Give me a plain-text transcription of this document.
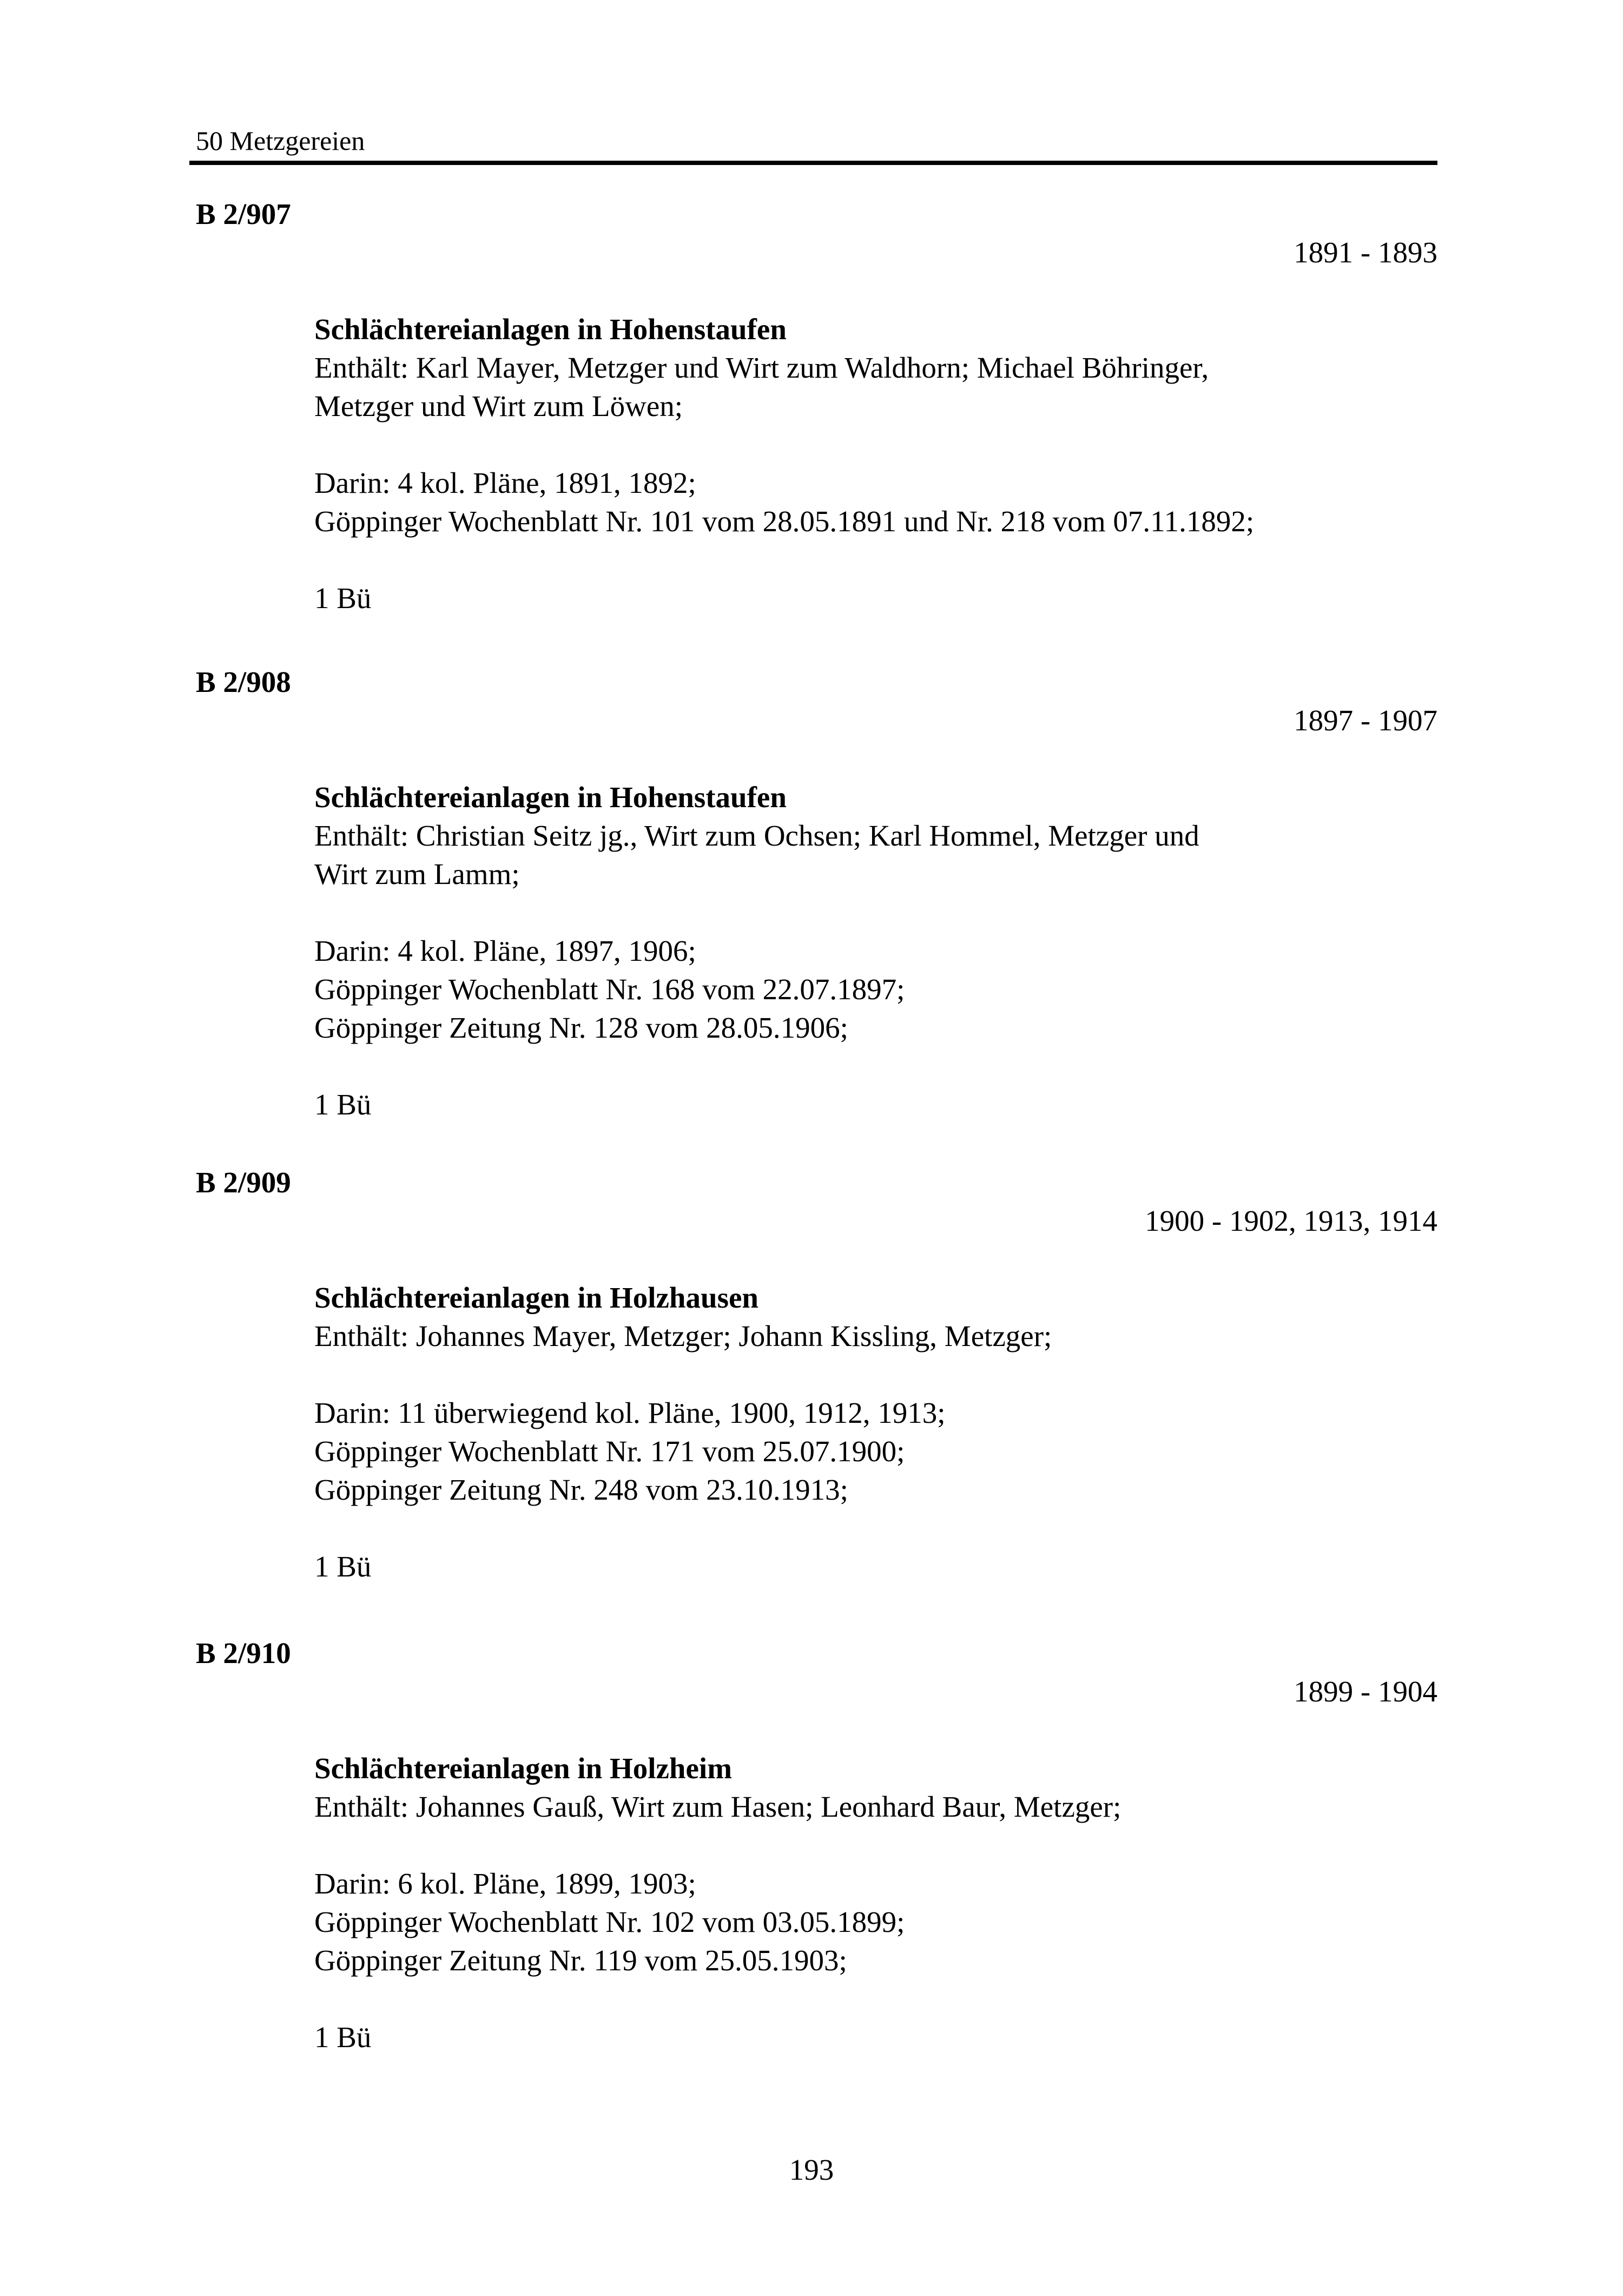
50 Metzgereien
B 2/907
1891 - 1893
Schlächtereianlagen in Hohenstaufen
Enthält: Karl Mayer, Metzger und Wirt zum Waldhorn; Michael Böhringer,
Metzger und Wirt zum Löwen;
Darin: 4 kol. Pläne, 1891, 1892;
Göppinger Wochenblatt Nr. 101 vom 28.05.1891 und Nr. 218 vom 07.11.1892;
1 Bü
B 2/908
1897 - 1907
Schlächtereianlagen in Hohenstaufen
Enthält: Christian Seitz jg., Wirt zum Ochsen; Karl Hommel, Metzger und
Wirt zum Lamm;
Darin: 4 kol. Pläne, 1897, 1906;
Göppinger Wochenblatt Nr. 168 vom 22.07.1897;
Göppinger Zeitung Nr. 128 vom 28.05.1906;
1 Bü
B 2/909
1900 - 1902, 1913, 1914
Schlächtereianlagen in Holzhausen
Enthält: Johannes Mayer, Metzger; Johann Kissling, Metzger;
Darin: 11 überwiegend kol. Pläne, 1900, 1912, 1913;
Göppinger Wochenblatt Nr. 171 vom 25.07.1900;
Göppinger Zeitung Nr. 248 vom 23.10.1913;
1 Bü
B 2/910
1899 - 1904
Schlächtereianlagen in Holzheim
Enthält: Johannes Gauß, Wirt zum Hasen; Leonhard Baur, Metzger;
Darin: 6 kol. Pläne, 1899, 1903;
Göppinger Wochenblatt Nr. 102 vom 03.05.1899;
Göppinger Zeitung Nr. 119 vom 25.05.1903;
1 Bü
193
